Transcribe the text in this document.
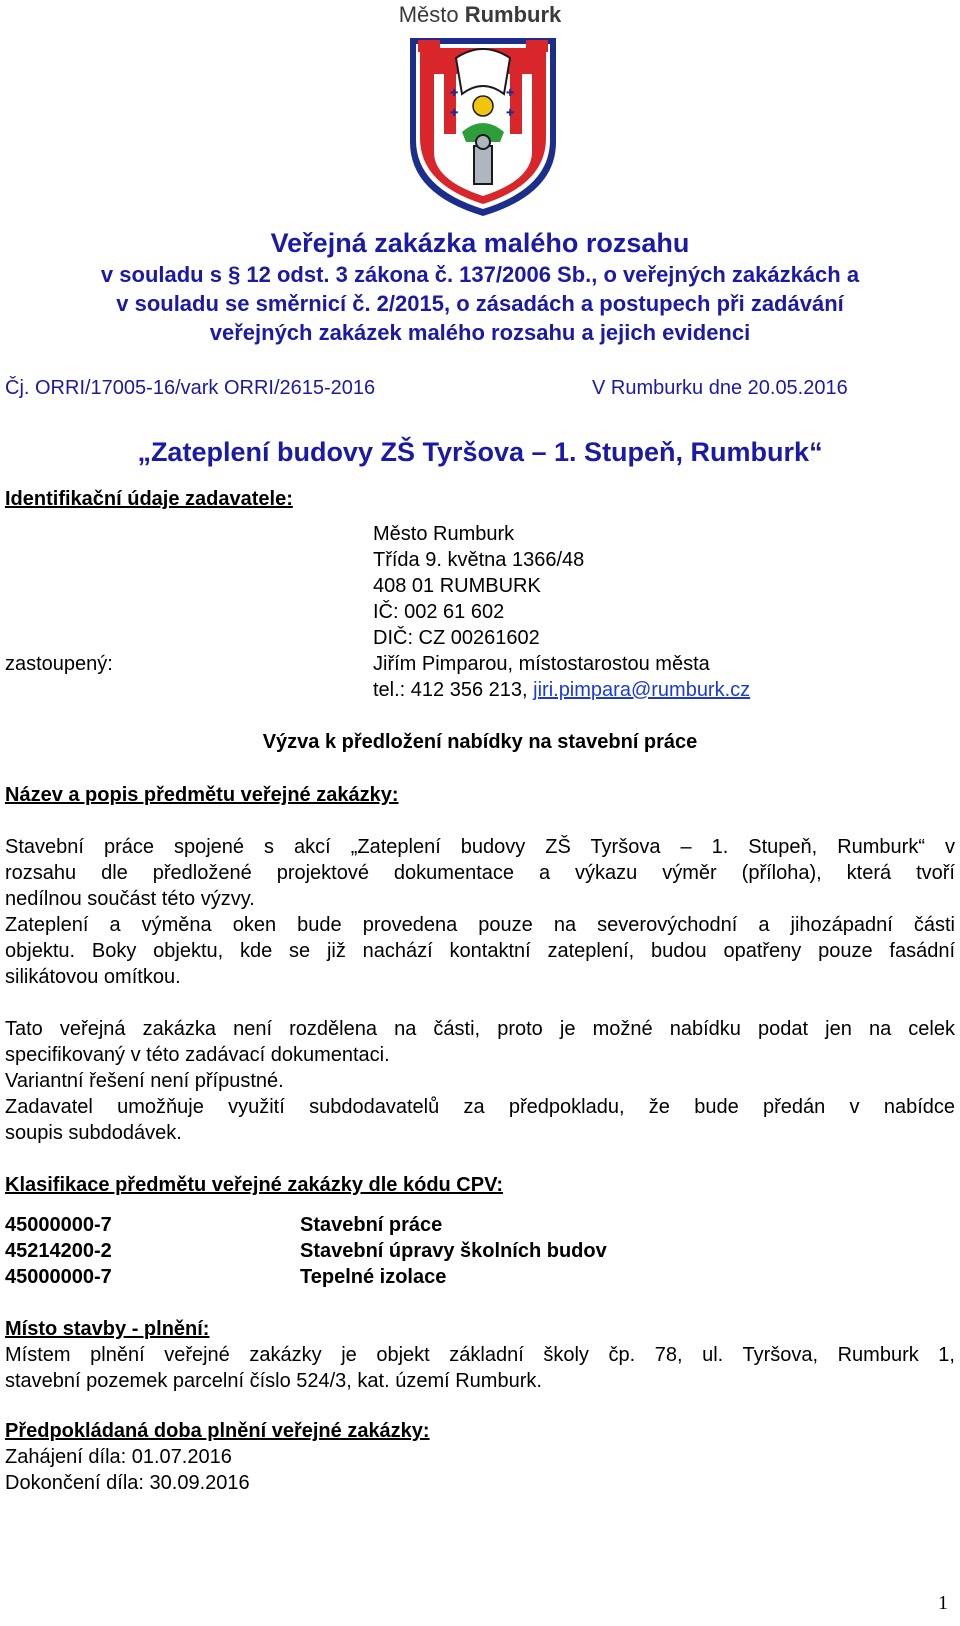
Město Rumburk
✚	✚
✚	✚
Veřejná zakázka malého rozsahu
v souladu s § 12 odst. 3 zákona č. 137/2006 Sb., o veřejných zakázkách a
v souladu se směrnicí č. 2/2015, o zásadách a postupech při zadávání
veřejných zakázek malého rozsahu a jejich evidenci
Čj. ORRI/17005-16/vark ORRI/2615-2016	V Rumburku dne 20.05.2016
„Zateplení budovy ZŠ Tyršova – 1. Stupeň, Rumburk“
Identifikační údaje zadavatele:
Město Rumburk
Třída 9. května 1366/48
408 01 RUMBURK
IČ: 002 61 602
DIČ: CZ 00261602
zastoupený:	Jiřím Pimparou, místostarostou města
tel.: 412 356 213, jiri.pimpara@rumburk.cz
Výzva k předložení nabídky na stavební práce
Název a popis předmětu veřejné zakázky:
Stavební práce spojené s akcí „Zateplení budovy ZŠ Tyršova – 1. Stupeň, Rumburk“ v
rozsahu dle předložené projektové dokumentace a výkazu výměr (příloha), která tvoří
nedílnou součást této výzvy.
Zateplení a výměna oken bude provedena pouze na severovýchodní a jihozápadní části
objektu. Boky objektu, kde se již nachází kontaktní zateplení, budou opatřeny pouze fasádní
silikátovou omítkou.
Tato veřejná zakázka není rozdělena na části, proto je možné nabídku podat jen na celek
specifikovaný v této zadávací dokumentaci.
Variantní řešení není přípustné.
Zadavatel umožňuje využití subdodavatelů za předpokladu, že bude předán v nabídce
soupis subdodávek.
Klasifikace předmětu veřejné zakázky dle kódu CPV:
45000000-7	Stavební práce
45214200-2	Stavební úpravy školních budov
45000000-7	Tepelné izolace
Místo stavby - plnění:
Místem plnění veřejné zakázky je objekt základní školy čp. 78, ul. Tyršova, Rumburk 1,
stavební pozemek parcelní číslo 524/3, kat. území Rumburk.
Předpokládaná doba plnění veřejné zakázky:
Zahájení díla: 01.07.2016
Dokončení díla: 30.09.2016
1
